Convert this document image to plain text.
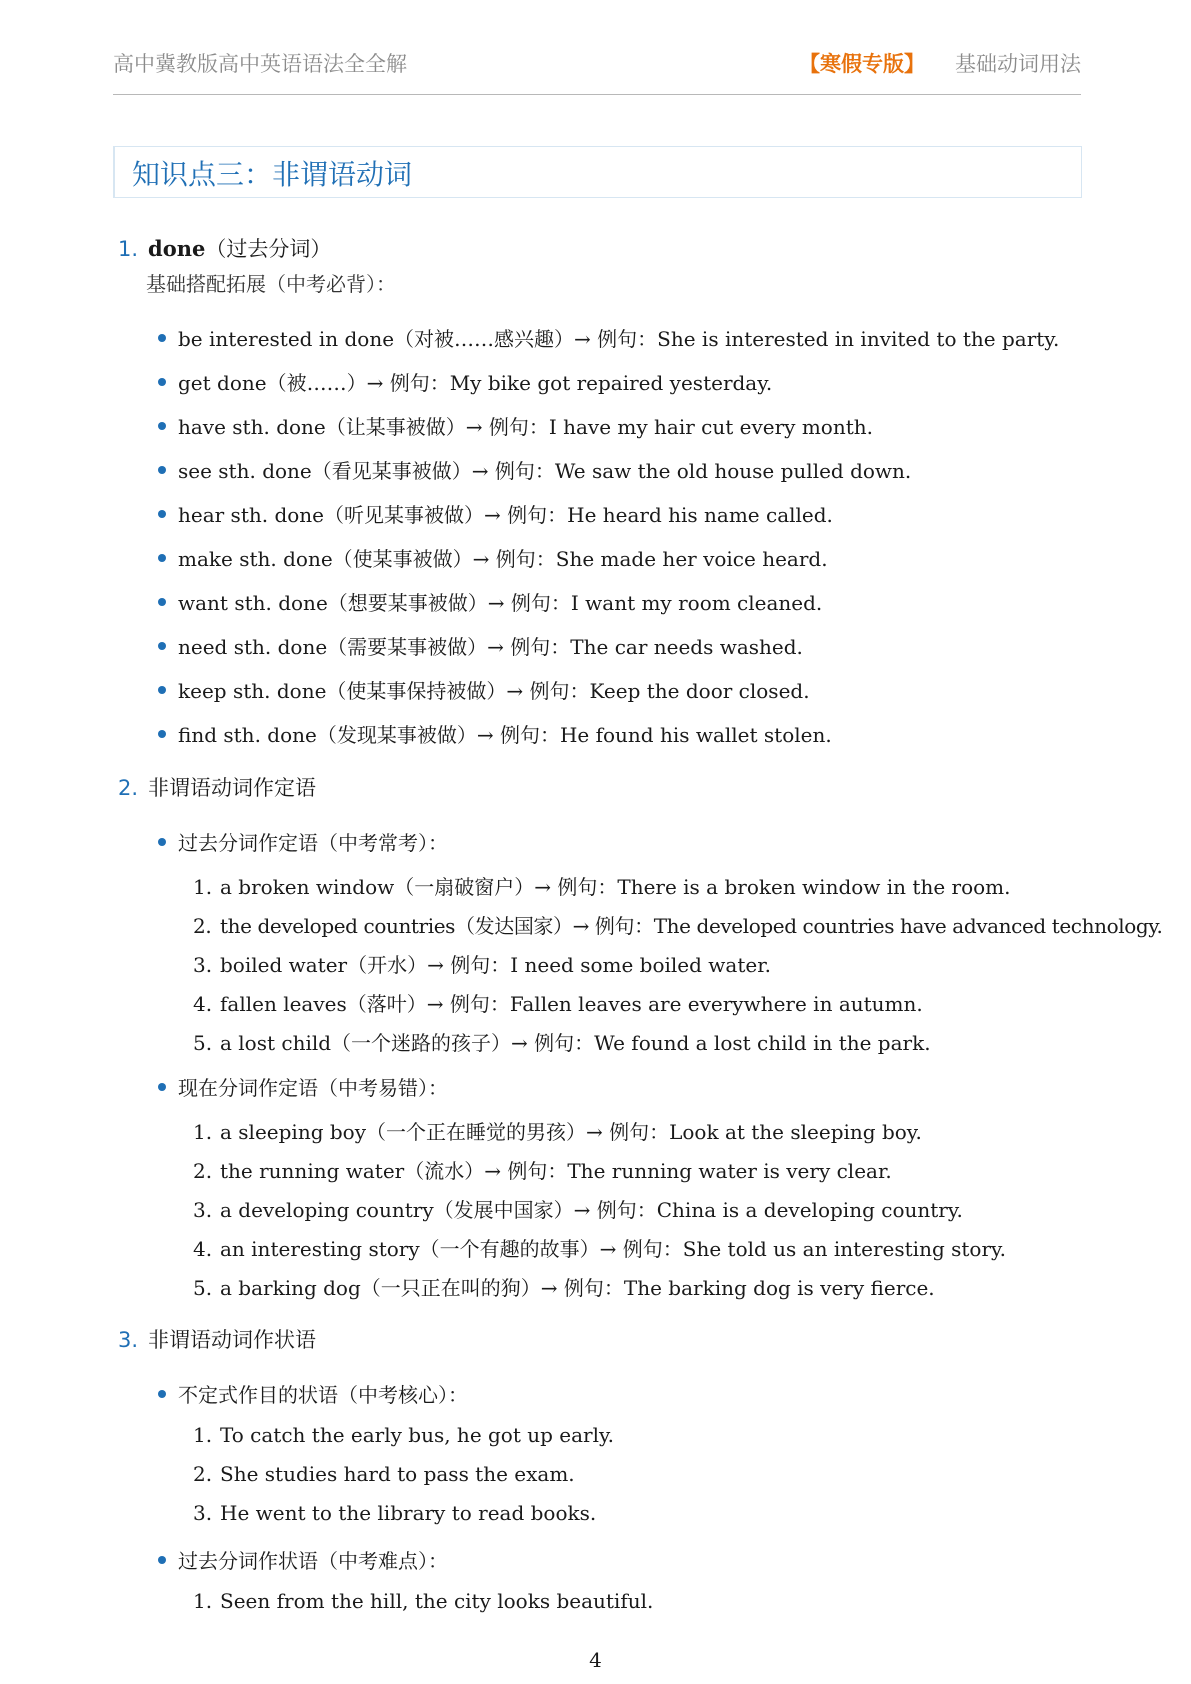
高中冀教版高中英语语法全全解	【寒假专版】 基础动词用法
知识点三：非谓语动词
1. done（过去分词）
基础搭配拓展（中考必背）：
be interested in done（对被……感兴趣）→ 例句：She is interested in invited to the party.
get done（被……）→ 例句：My bike got repaired yesterday.
have sth. done（让某事被做）→ 例句：I have my hair cut every month.
see sth. done（看见某事被做）→ 例句：We saw the old house pulled down.
hear sth. done（听见某事被做）→ 例句：He heard his name called.
make sth. done（使某事被做）→ 例句：She made her voice heard.
want sth. done（想要某事被做）→ 例句：I want my room cleaned.
need sth. done（需要某事被做）→ 例句：The car needs washed.
keep sth. done（使某事保持被做）→ 例句：Keep the door closed.
find sth. done（发现某事被做）→ 例句：He found his wallet stolen.
2. 非谓语动词作定语
过去分词作定语（中考常考）：
1. a broken window（一扇破窗户）→ 例句：There is a broken window in the room.
2. the developed countries（发达国家）→ 例句：The developed countries have advanced technology.
3. boiled water（开水）→ 例句：I need some boiled water.
4. fallen leaves（落叶）→ 例句：Fallen leaves are everywhere in autumn.
5. a lost child（一个迷路的孩子）→ 例句：We found a lost child in the park.
现在分词作定语（中考易错）：
1. a sleeping boy（一个正在睡觉的男孩）→ 例句：Look at the sleeping boy.
2. the running water（流水）→ 例句：The running water is very clear.
3. a developing country（发展中国家）→ 例句：China is a developing country.
4. an interesting story（一个有趣的故事）→ 例句：She told us an interesting story.
5. a barking dog（一只正在叫的狗）→ 例句：The barking dog is very fierce.
3. 非谓语动词作状语
不定式作目的状语（中考核心）：
1. To catch the early bus, he got up early.
2. She studies hard to pass the exam.
3. He went to the library to read books.
过去分词作状语（中考难点）：
1. Seen from the hill, the city looks beautiful.
4
